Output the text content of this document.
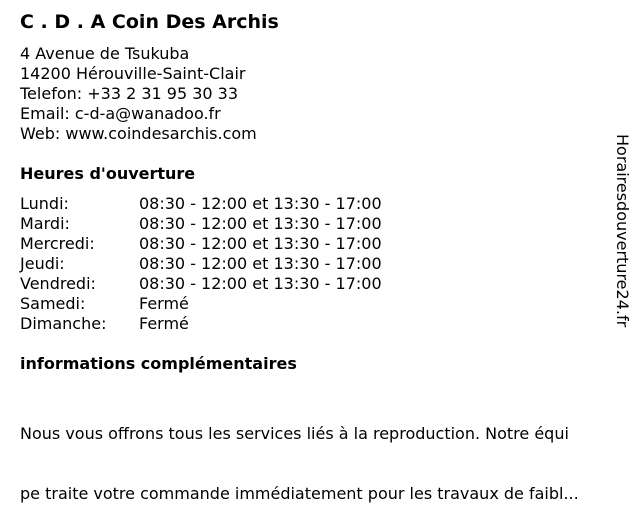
C . D . A Coin Des Archis
4 Avenue de Tsukuba
14200 Hérouville-Saint-Clair
Telefon: +33 2 31 95 30 33
Email: c-d-a@wanadoo.fr
Web: www.coindesarchis.com
Heures d'ouverture
Lundi:	08:30 - 12:00 et 13:30 - 17:00
Mardi:	08:30 - 12:00 et 13:30 - 17:00
Mercredi:	08:30 - 12:00 et 13:30 - 17:00
Jeudi:	08:30 - 12:00 et 13:30 - 17:00
Vendredi:	08:30 - 12:00 et 13:30 - 17:00
Samedi:	Fermé
Dimanche: Fermé
informations complémentaires

Nous vous offrons tous les services liés à la reproduction. Notre équi

pe traite votre commande immédiatement pour les travaux de faibl...

Horairesdouverture24.fr
